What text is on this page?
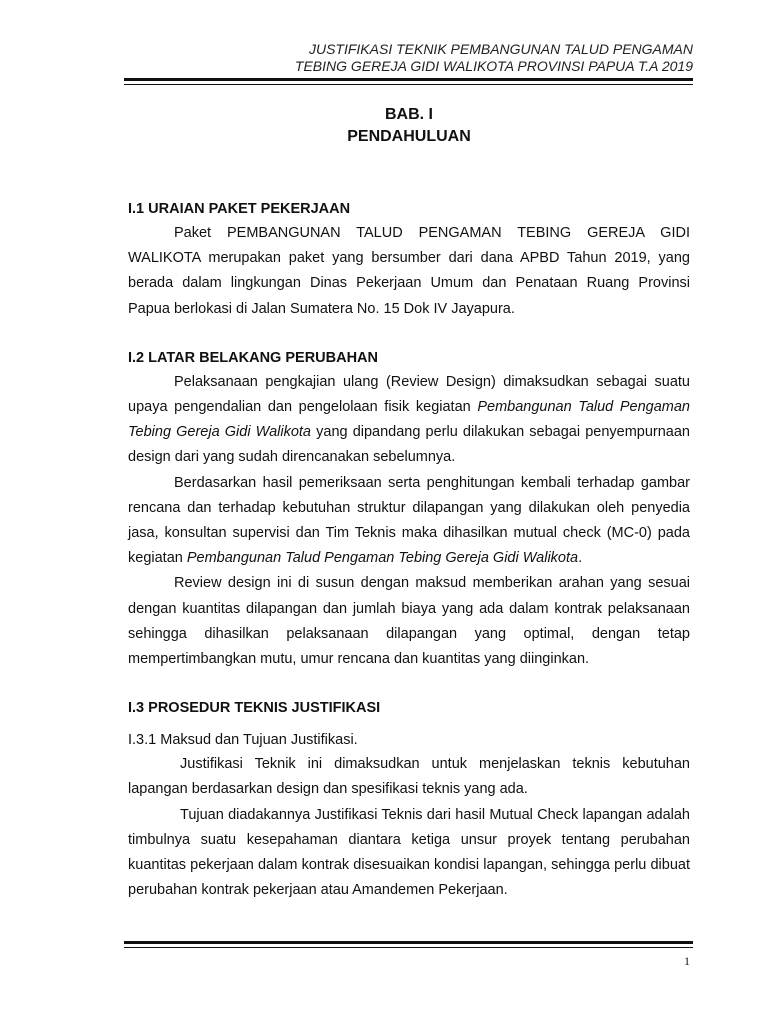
JUSTIFIKASI TEKNIK PEMBANGUNAN TALUD PENGAMAN
TEBING GEREJA GIDI WALIKOTA PROVINSI PAPUA T.A 2019
BAB. I
PENDAHULUAN
I.1 URAIAN PAKET PEKERJAAN

Paket PEMBANGUNAN TALUD PENGAMAN TEBING GEREJA GIDI WALIKOTA merupakan paket yang bersumber dari dana APBD Tahun 2019, yang berada dalam lingkungan Dinas Pekerjaan Umum dan Penataan Ruang Provinsi Papua berlokasi di Jalan Sumatera No. 15 Dok IV Jayapura.

I.2 LATAR BELAKANG PERUBAHAN

Pelaksanaan pengkajian ulang (Review Design) dimaksudkan sebagai suatu upaya pengendalian dan pengelolaan fisik kegiatan Pembangunan Talud Pengaman Tebing Gereja Gidi Walikota yang dipandang perlu dilakukan sebagai penyempurnaan design dari yang sudah direncanakan sebelumnya.

Berdasarkan hasil pemeriksaan serta penghitungan kembali terhadap gambar rencana dan terhadap kebutuhan struktur dilapangan yang dilakukan oleh penyedia jasa, konsultan supervisi dan Tim Teknis maka dihasilkan mutual check (MC-0) pada kegiatan Pembangunan Talud Pengaman Tebing Gereja Gidi Walikota.

Review design ini di susun dengan maksud memberikan arahan yang sesuai dengan kuantitas dilapangan dan jumlah biaya yang ada dalam kontrak pelaksanaan sehingga dihasilkan pelaksanaan dilapangan yang optimal, dengan tetap mempertimbangkan mutu, umur rencana dan kuantitas yang diinginkan.

I.3 PROSEDUR TEKNIS JUSTIFIKASI
I.3.1 Maksud dan Tujuan Justifikasi.

Justifikasi Teknik ini dimaksudkan untuk menjelaskan teknis kebutuhan lapangan berdasarkan design dan spesifikasi teknis yang ada.

Tujuan diadakannya Justifikasi Teknis dari hasil Mutual Check lapangan adalah timbulnya suatu kesepahaman diantara ketiga unsur proyek tentang perubahan kuantitas pekerjaan dalam kontrak disesuaikan kondisi lapangan, sehingga perlu dibuat perubahan kontrak pekerjaan atau Amandemen Pekerjaan.

1
